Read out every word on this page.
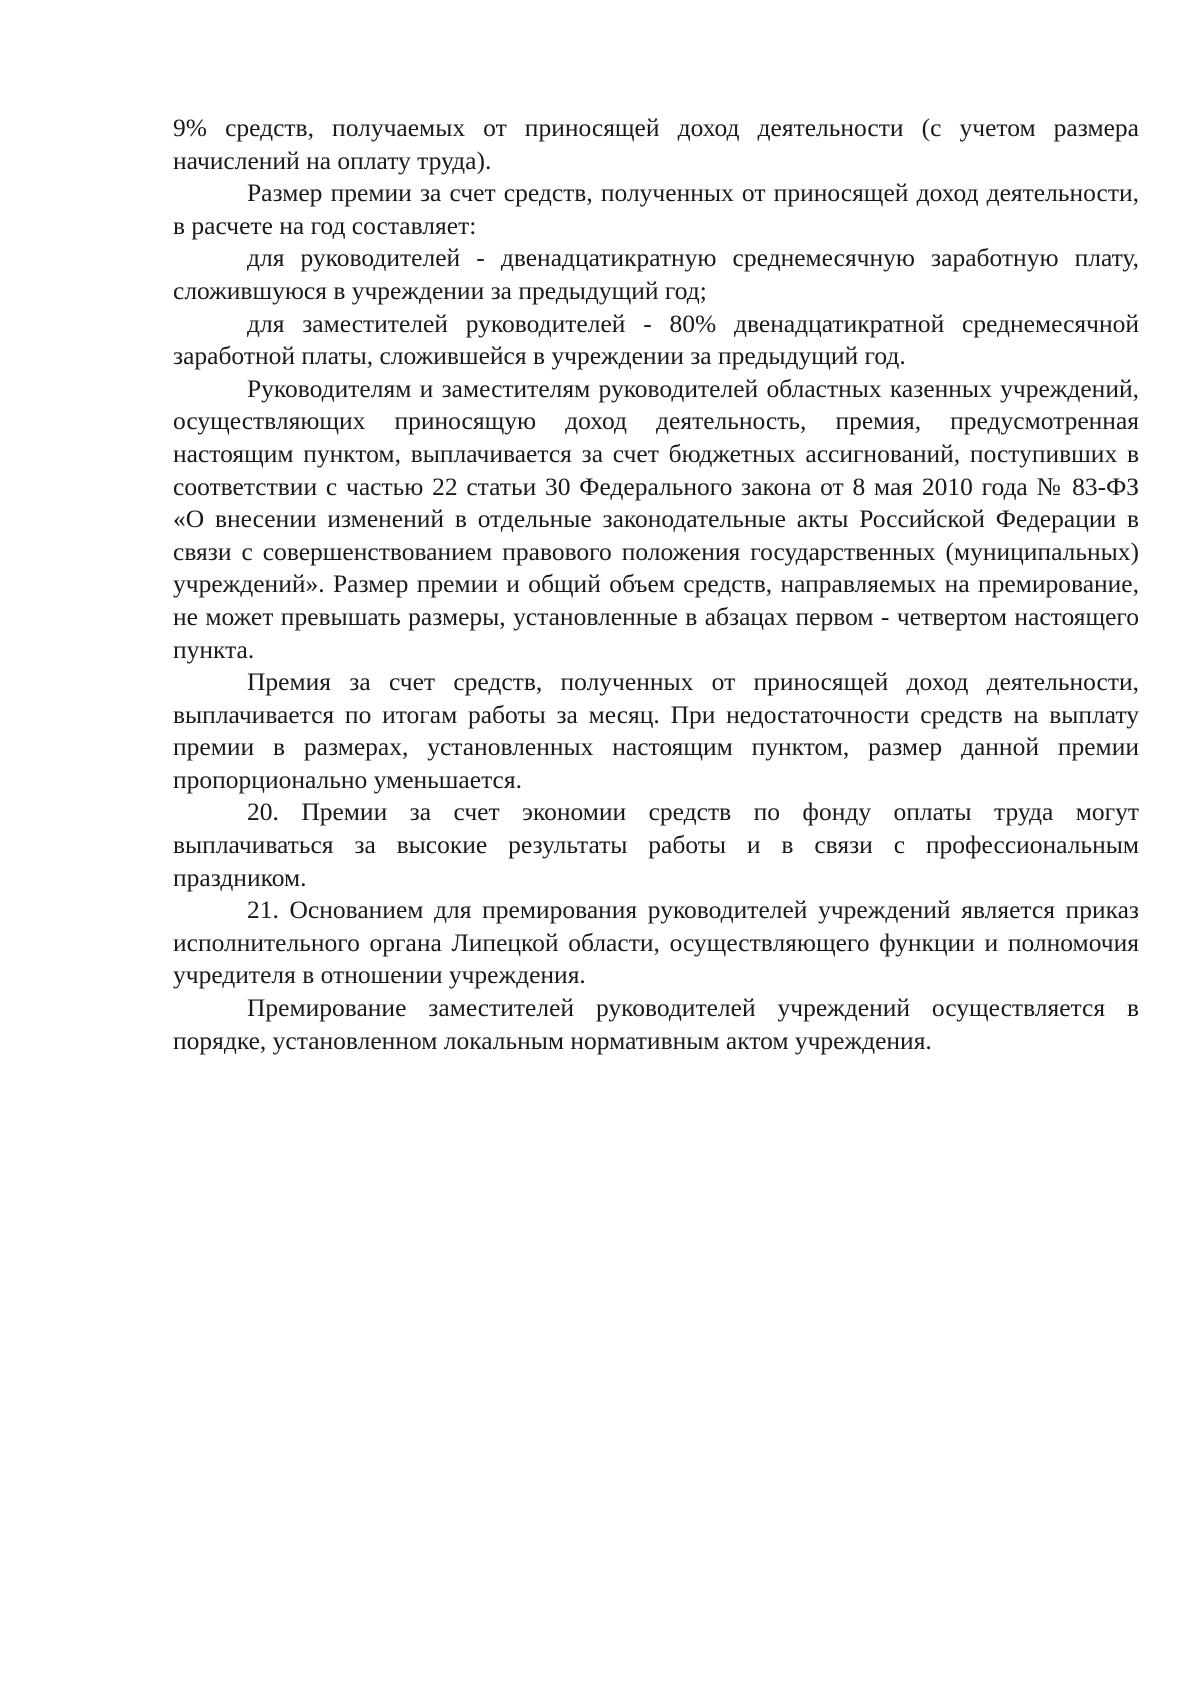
9% средств, получаемых от приносящей доход деятельности (с учетом размера начислений на оплату труда).

Размер премии за счет средств, полученных от приносящей доход деятельности, в расчете на год составляет:

для руководителей - двенадцатикратную среднемесячную заработную плату, сложившуюся в учреждении за предыдущий год;

для заместителей руководителей - 80% двенадцатикратной среднемесячной заработной платы, сложившейся в учреждении за предыдущий год.

Руководителям и заместителям руководителей областных казенных учреждений, осуществляющих приносящую доход деятельность, премия, предусмотренная настоящим пунктом, выплачивается за счет бюджетных ассигнований, поступивших в соответствии с частью 22 статьи 30 Федерального закона от 8 мая 2010 года № 83-ФЗ «О внесении изменений в отдельные законодательные акты Российской Федерации в связи с совершенствованием правового положения государственных (муниципальных) учреждений». Размер премии и общий объем средств, направляемых на премирование, не может превышать размеры, установленные в абзацах первом - четвертом настоящего пункта.

Премия за счет средств, полученных от приносящей доход деятельности, выплачивается по итогам работы за месяц. При недостаточности средств на выплату премии в размерах, установленных настоящим пунктом, размер данной премии пропорционально уменьшается.

20. Премии за счет экономии средств по фонду оплаты труда могут выплачиваться за высокие результаты работы и в связи с профессиональным праздником.

21. Основанием для премирования руководителей учреждений является приказ исполнительного органа Липецкой области, осуществляющего функции и полномочия учредителя в отношении учреждения.

Премирование заместителей руководителей учреждений осуществляется в порядке, установленном локальным нормативным актом учреждения.
